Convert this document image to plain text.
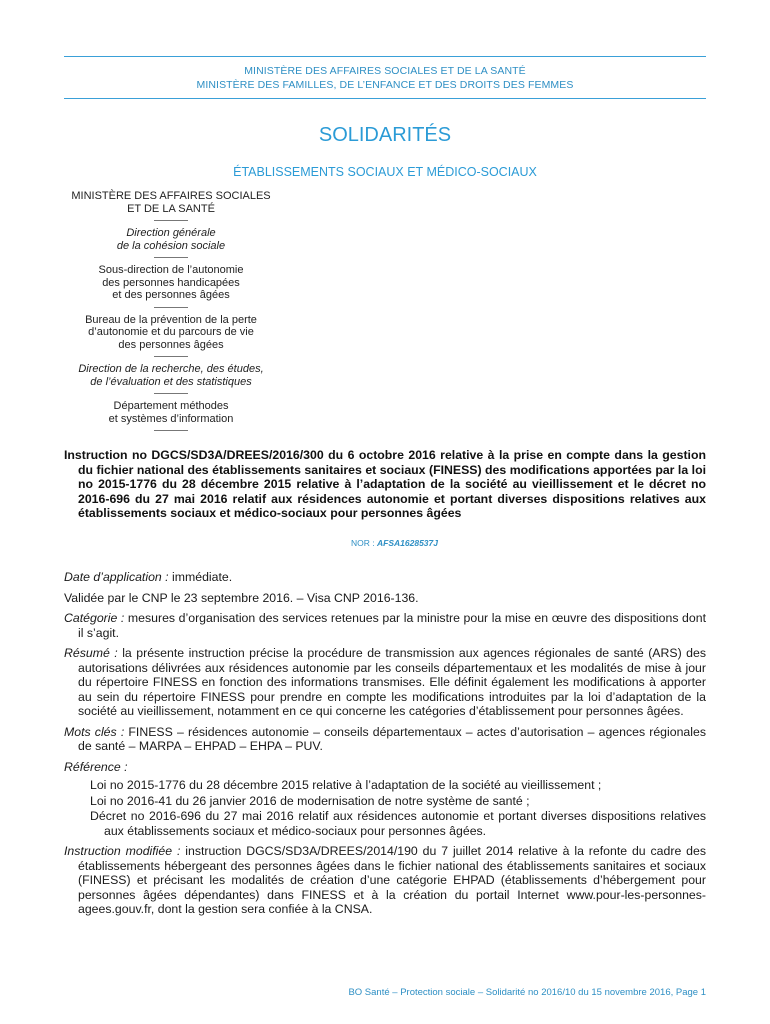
MINISTÈRE DES AFFAIRES SOCIALES ET DE LA SANTÉ
MINISTÈRE DES FAMILLES, DE L’ENFANCE ET DES DROITS DES FEMMES
SOLIDARITÉS
ÉTABLISSEMENTS SOCIAUX ET MÉDICO-SOCIAUX
MINISTÈRE DES AFFAIRES SOCIALES
ET DE LA SANTÉ
Direction générale
de la cohésion sociale
Sous-direction de l’autonomie
des personnes handicapées
et des personnes âgées
Bureau de la prévention de la perte
d’autonomie et du parcours de vie
des personnes âgées
Direction de la recherche, des études,
de l’évaluation et des statistiques
Département méthodes
et systèmes d’information
Instruction no DGCS/SD3A/DREES/2016/300 du 6 octobre 2016 relative à la prise en compte dans la gestion du fichier national des établissements sanitaires et sociaux (FINESS) des modifications apportées par la loi no 2015-1776 du 28 décembre 2015 relative à l’adaptation de la société au vieillissement et le décret no 2016-696 du 27 mai 2016 relatif aux résidences autonomie et portant diverses dispositions relatives aux établissements sociaux et médico-sociaux pour personnes âgées
NOR : AFSA1628537J
Date d’application : immédiate.
Validée par le CNP le 23 septembre 2016. – Visa CNP 2016-136.
Catégorie : mesures d’organisation des services retenues par la ministre pour la mise en œuvre des dispositions dont il s’agit.
Résumé : la présente instruction précise la procédure de transmission aux agences régionales de santé (ARS) des autorisations délivrées aux résidences autonomie par les conseils départementaux et les modalités de mise à jour du répertoire FINESS en fonction des informations transmises. Elle définit également les modifications à apporter au sein du répertoire FINESS pour prendre en compte les modifications introduites par la loi d’adaptation de la société au vieillissement, notamment en ce qui concerne les catégories d’établissement pour personnes âgées.
Mots clés : FINESS – résidences autonomie – conseils départementaux – actes d’autorisation – agences régionales de santé – MARPA – EHPAD – EHPA – PUV.
Référence :
Loi no 2015-1776 du 28 décembre 2015 relative à l’adaptation de la société au vieillissement ;
Loi no 2016-41 du 26 janvier 2016 de modernisation de notre système de santé ;
Décret no 2016-696 du 27 mai 2016 relatif aux résidences autonomie et portant diverses dispositions relatives aux établissements sociaux et médico-sociaux pour personnes âgées.
Instruction modifiée : instruction DGCS/SD3A/DREES/2014/190 du 7 juillet 2014 relative à la refonte du cadre des établissements hébergeant des personnes âgées dans le fichier national des établissements sanitaires et sociaux (FINESS) et précisant les modalités de création d’une catégorie EHPAD (établissements d’hébergement pour personnes âgées dépendantes) dans FINESS et à la création du portail Internet www.pour-les-personnes-agees.gouv.fr, dont la gestion sera confiée à la CNSA.
BO Santé – Protection sociale – Solidarité no 2016/10 du 15 novembre 2016, Page 1
